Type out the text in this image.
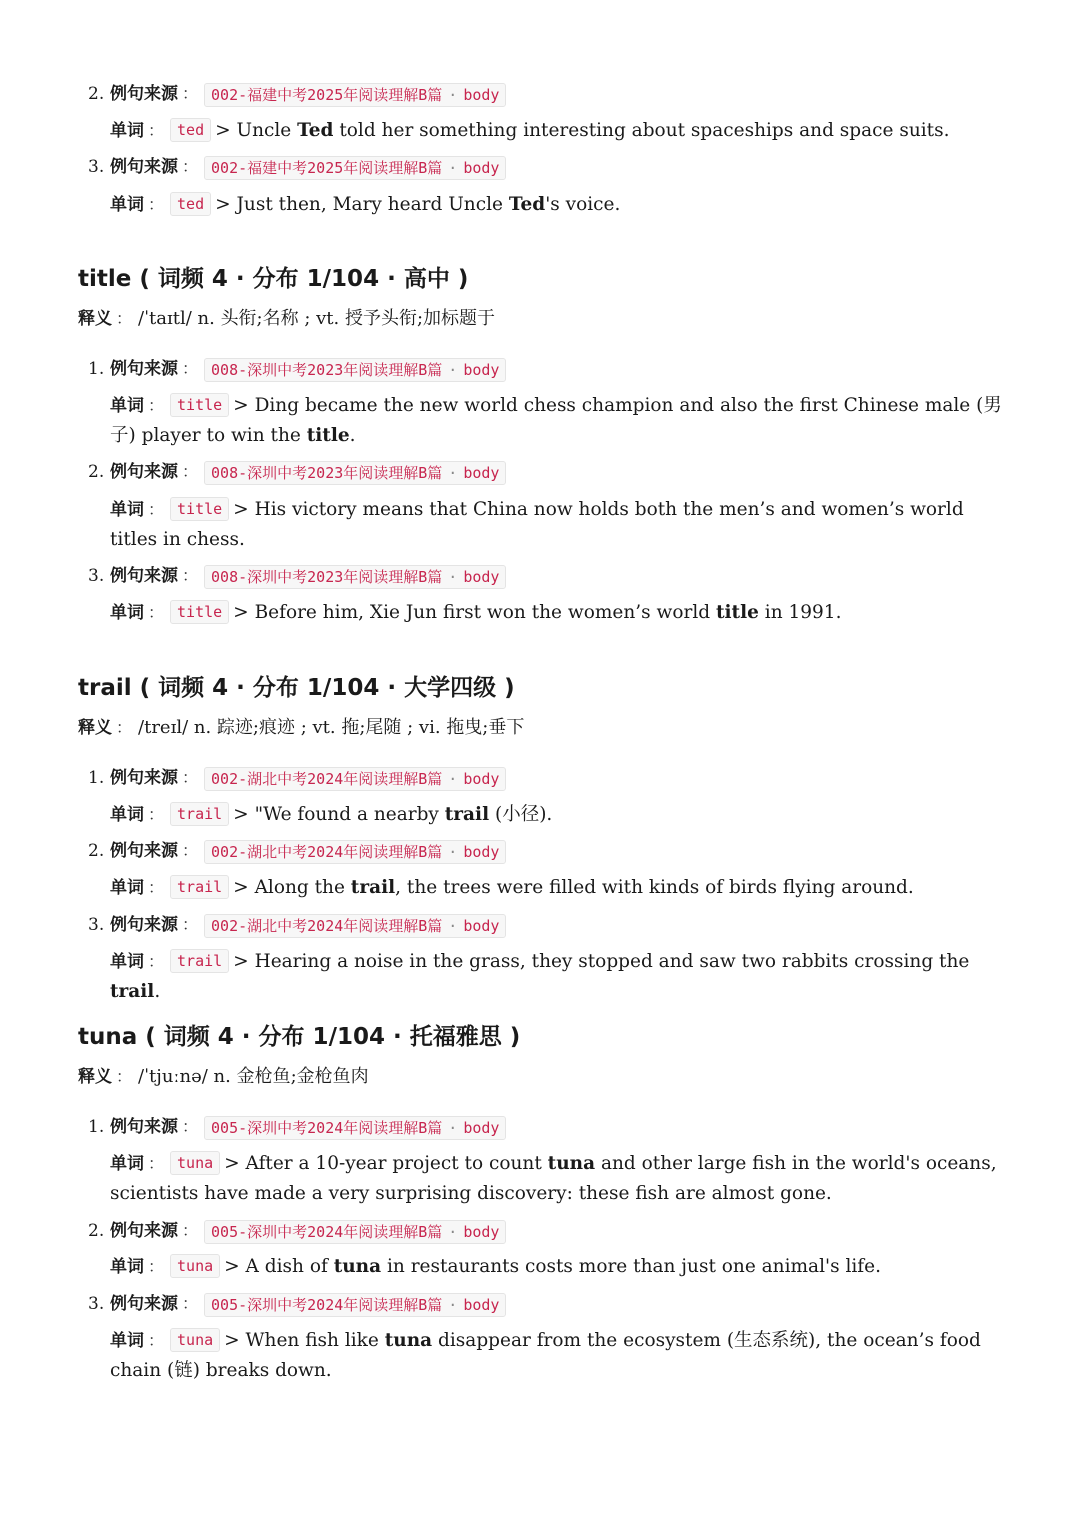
2. 例句来源 ： 002-福建中考2025年阅读理解B篇 · body
单词 ： ted > Uncle Ted told her something interesting about spaceships and space suits.
3. 例句来源 ： 002-福建中考2025年阅读理解B篇 · body
单词 ： ted > Just then, Mary heard Uncle Ted's voice.
title ( 词频 4 · 分布 1/104 · 高中 )
释义 ： /ˈtaɪtl/ n. 头衔;名称 ; vt. 授予头衔;加标题于
1. 例句来源 ： 008-深圳中考2023年阅读理解B篇 · body
单词 ： title > Ding became the new world chess champion and also the first Chinese male (男子) player to win the title.
2. 例句来源 ： 008-深圳中考2023年阅读理解B篇 · body
单词 ： title > His victory means that China now holds both the men’s and women’s world titles in chess.
3. 例句来源 ： 008-深圳中考2023年阅读理解B篇 · body
单词 ： title > Before him, Xie Jun first won the women’s world title in 1991.
trail ( 词频 4 · 分布 1/104 · 大学四级 )
释义 ： /treɪl/ n. 踪迹;痕迹 ; vt. 拖;尾随 ; vi. 拖曳;垂下
1. 例句来源 ： 002-湖北中考2024年阅读理解B篇 · body
单词 ： trail > "We found a nearby trail (小径).
2. 例句来源 ： 002-湖北中考2024年阅读理解B篇 · body
单词 ： trail > Along the trail, the trees were filled with kinds of birds flying around.
3. 例句来源 ： 002-湖北中考2024年阅读理解B篇 · body
单词 ： trail > Hearing a noise in the grass, they stopped and saw two rabbits crossing the trail.
tuna ( 词频 4 · 分布 1/104 · 托福雅思 )
释义 ： /ˈtjuːnə/ n. 金枪鱼;金枪鱼肉
1. 例句来源 ： 005-深圳中考2024年阅读理解B篇 · body
单词 ： tuna > After a 10-year project to count tuna and other large fish in the world's oceans, scientists have made a very surprising discovery: these fish are almost gone.
2. 例句来源 ： 005-深圳中考2024年阅读理解B篇 · body
单词 ： tuna > A dish of tuna in restaurants costs more than just one animal's life.
3. 例句来源 ： 005-深圳中考2024年阅读理解B篇 · body
单词 ： tuna > When fish like tuna disappear from the ecosystem (生态系统), the ocean’s food chain (链) breaks down.
